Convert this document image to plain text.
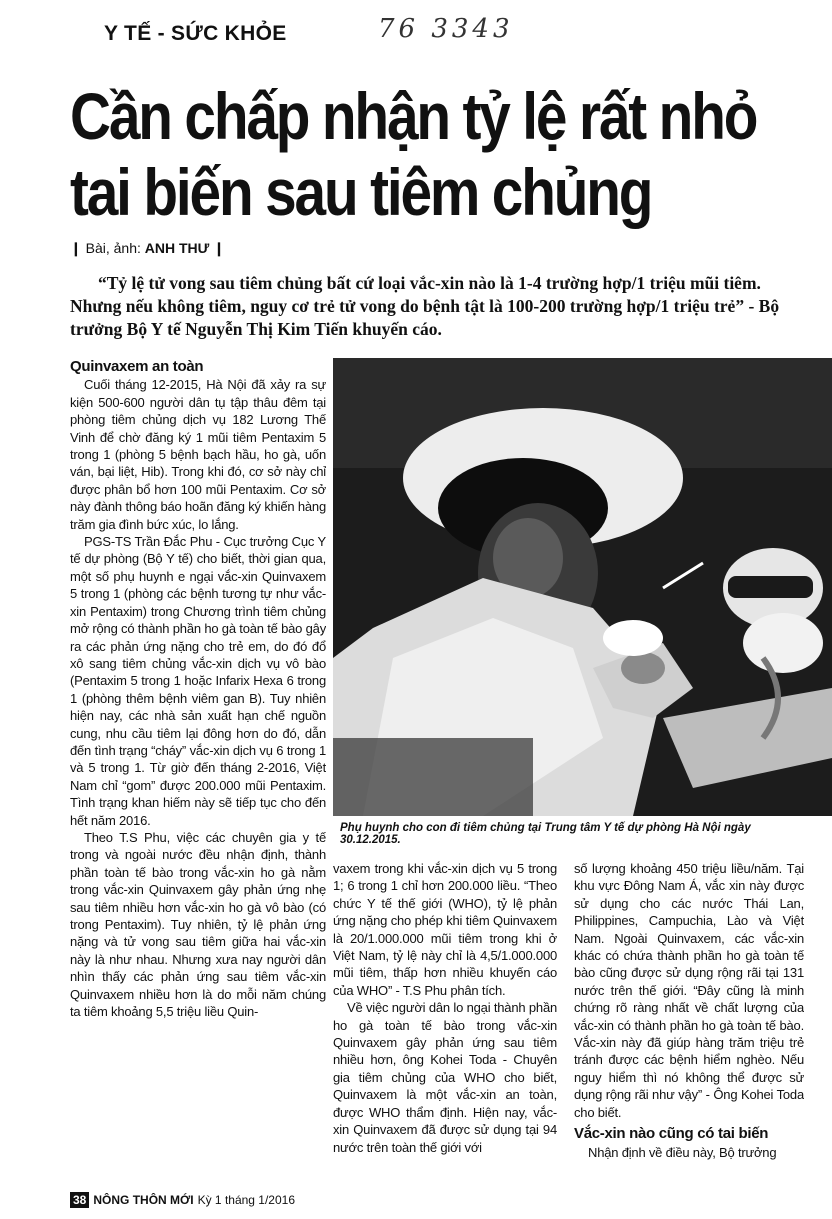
Y TẾ - SỨC KHỎE	76 3343
Cần chấp nhận tỷ lệ rất nhỏ
tai biến sau tiêm chủng
❙ Bài, ảnh: ANH THƯ ❙
“Tỷ lệ tử vong sau tiêm chủng bất cứ loại vắc-xin nào là 1-4 trường hợp/1 triệu mũi tiêm. Nhưng nếu không tiêm, nguy cơ trẻ tử vong do bệnh tật là 100-200 trường hợp/1 triệu trẻ” - Bộ trưởng Bộ Y tế Nguyễn Thị Kim Tiến khuyến cáo.
Quinvaxem an toàn

Cuối tháng 12-2015, Hà Nội đã xảy ra sự kiện 500-600 người dân tụ tập thâu đêm tại phòng tiêm chủng dịch vụ 182 Lương Thế Vinh để chờ đăng ký 1 mũi tiêm Pentaxim 5 trong 1 (phòng 5 bệnh bạch hầu, ho gà, uốn ván, bại liệt, Hib). Trong khi đó, cơ sở này chỉ được phân bổ hơn 100 mũi Pentaxim. Cơ sở này đành thông báo hoãn đăng ký khiến hàng trăm gia đình bức xúc, lo lắng.

PGS-TS Trần Đắc Phu - Cục trưởng Cục Y tế dự phòng (Bộ Y tế) cho biết, thời gian qua, một số phụ huynh e ngại vắc-xin Quinvaxem 5 trong 1 (phòng các bệnh tương tự như vắc-xin Pentaxim) trong Chương trình tiêm chủng mở rộng có thành phần ho gà toàn tế bào gây ra các phản ứng nặng cho trẻ em, do đó đổ xô sang tiêm chủng vắc-xin dịch vụ vô bào (Pentaxim 5 trong 1 hoặc Infarix Hexa 6 trong 1 (phòng thêm bệnh viêm gan B). Tuy nhiên hiện nay, các nhà sản xuất hạn chế nguồn cung, nhu cầu tiêm lại đông hơn do đó, dẫn đến tình trạng “cháy” vắc-xin dịch vụ 6 trong 1 và 5 trong 1. Từ giờ đến tháng 2-2016, Việt Nam chỉ “gom” được 200.000 mũi Pentaxim. Tình trạng khan hiếm này sẽ tiếp tục cho đến hết năm 2016.

Theo T.S Phu, việc các chuyên gia y tế trong và ngoài nước đều nhận định, thành phần toàn tế bào trong vắc-xin ho gà nằm trong vắc-xin Quinvaxem gây phản ứng nhẹ sau tiêm nhiều hơn vắc-xin ho gà vô bào (có trong Pentaxim). Tuy nhiên, tỷ lệ phản ứng nặng và tử vong sau tiêm giữa hai vắc-xin này là như nhau. Nhưng xưa nay người dân nhìn thấy các phản ứng sau tiêm vắc-xin Quinvaxem nhiều hơn là do mỗi năm chúng ta tiêm khoảng 5,5 triệu liều Quin-

Phụ huynh cho con đi tiêm chủng tại Trung tâm Y tế dự phòng Hà Nội ngày 30.12.2015.

vaxem trong khi vắc-xin dịch vụ 5 trong 1; 6 trong 1 chỉ hơn 200.000 liều. “Theo chức Y tế thế giới (WHO), tỷ lệ phản ứng nặng cho phép khi tiêm Quinvaxem là 20/1.000.000 mũi tiêm trong khi ở Việt Nam, tỷ lệ này chỉ là 4,5/1.000.000 mũi tiêm, thấp hơn nhiều khuyến cáo của WHO” - T.S Phu phân tích.

Về việc người dân lo ngại thành phần ho gà toàn tế bào trong vắc-xin Quinvaxem gây phản ứng sau tiêm nhiều hơn, ông Kohei Toda - Chuyên gia tiêm chủng của WHO cho biết, Quinvaxem là một vắc-xin an toàn, được WHO thẩm định. Hiện nay, vắc-xin Quinvaxem đã được sử dụng tại 94 nước trên toàn thế giới với

số lượng khoảng 450 triệu liều/năm. Tại khu vực Đông Nam Á, vắc xin này được sử dụng cho các nước Thái Lan, Philippines, Campuchia, Lào và Việt Nam. Ngoài Quinvaxem, các vắc-xin khác có chứa thành phần ho gà toàn tế bào cũng được sử dụng rộng rãi tại 131 nước trên thế giới. “Đây cũng là minh chứng rõ ràng nhất về chất lượng của vắc-xin có thành phần ho gà toàn tế bào. Vắc-xin này đã giúp hàng trăm triệu trẻ tránh được các bệnh hiểm nghèo. Nếu nguy hiểm thì nó không thể được sử dụng rộng rãi như vậy” - Ông Kohei Toda cho biết.

Vắc-xin nào cũng có tai biến

Nhận định về điều này, Bộ trưởng

38 NÔNG THÔN MỚI Kỳ 1 tháng 1/2016
